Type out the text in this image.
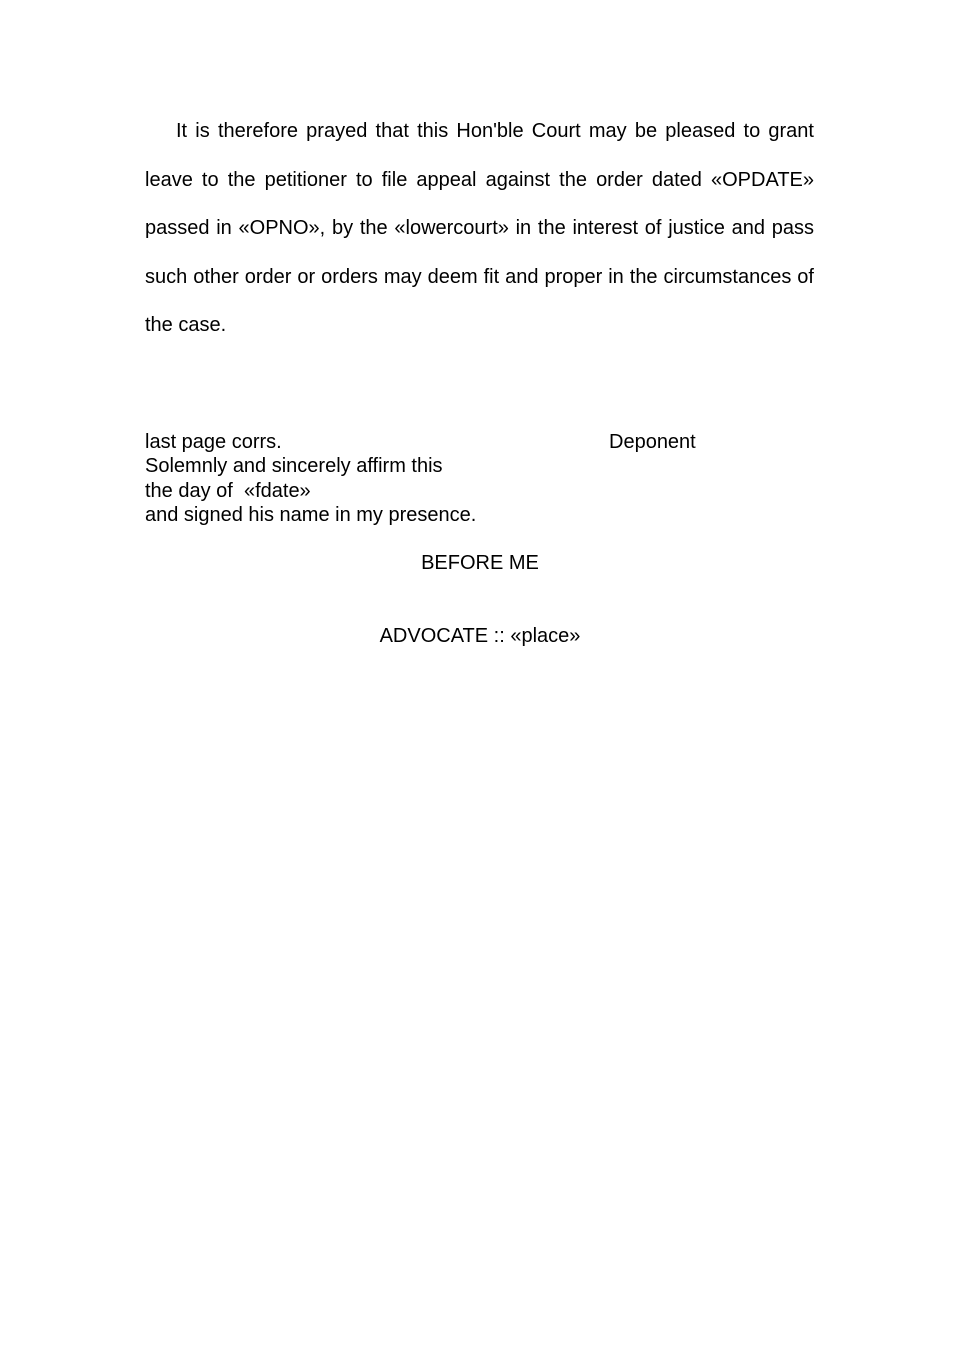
It is therefore prayed that this Hon'ble Court may be pleased to grant leave to the petitioner to file appeal against the order dated «OPDATE» passed in «OPNO», by the «lowercourt» in the interest of justice and pass such other order or orders may deem fit and proper in the circumstances of the case.

last page corrs.
Solemnly and sincerely affirm this
the day of  «fdate»
and signed his name in my presence.
Deponent
BEFORE ME
ADVOCATE :: «place»
